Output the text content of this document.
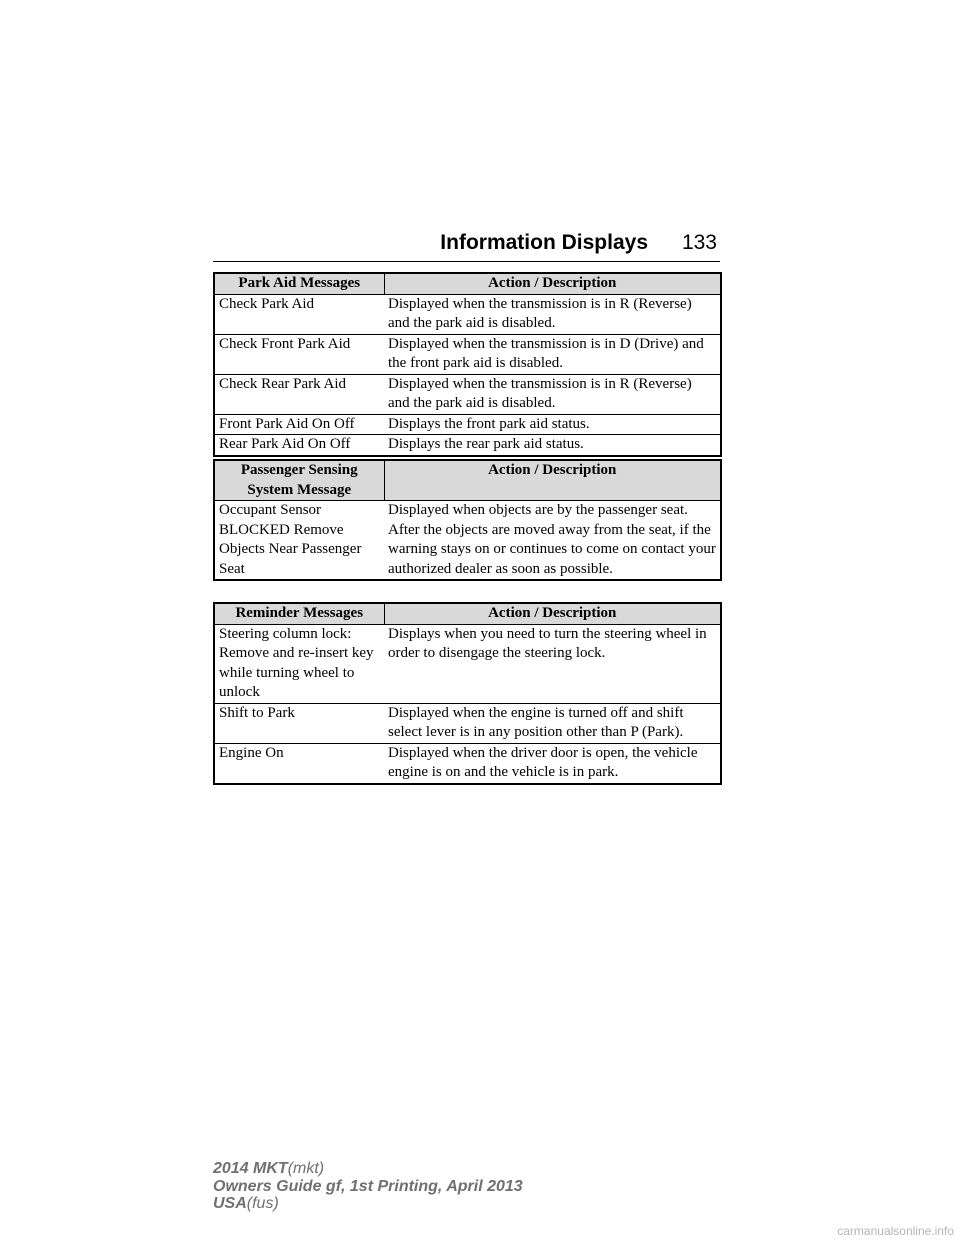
Information Displays 133
Park Aid Messages	Action / Description
Check Park Aid	Displayed when the transmission is in R (Reverse) and the park aid is disabled.
Check Front Park Aid	Displayed when the transmission is in D (Drive) and the front park aid is disabled.
Check Rear Park Aid	Displayed when the transmission is in R (Reverse) and the park aid is disabled.
Front Park Aid On Off	Displays the front park aid status.
Rear Park Aid On Off	Displays the rear park aid status.
Passenger Sensing System Message	Action / Description
Occupant Sensor BLOCKED Remove Objects Near Passenger Seat	Displayed when objects are by the passenger seat. After the objects are moved away from the seat, if the warning stays on or continues to come on contact your authorized dealer as soon as possible.
Reminder Messages	Action / Description
Steering column lock: Remove and re-insert key while turning wheel to unlock	Displays when you need to turn the steering wheel in order to disengage the steering lock.
Shift to Park	Displayed when the engine is turned off and shift select lever is in any position other than P (Park).
Engine On	Displayed when the driver door is open, the vehicle engine is on and the vehicle is in park.
2014 MKT(mkt)
Owners Guide gf, 1st Printing, April 2013
USA(fus)
carmanualsonline.info
